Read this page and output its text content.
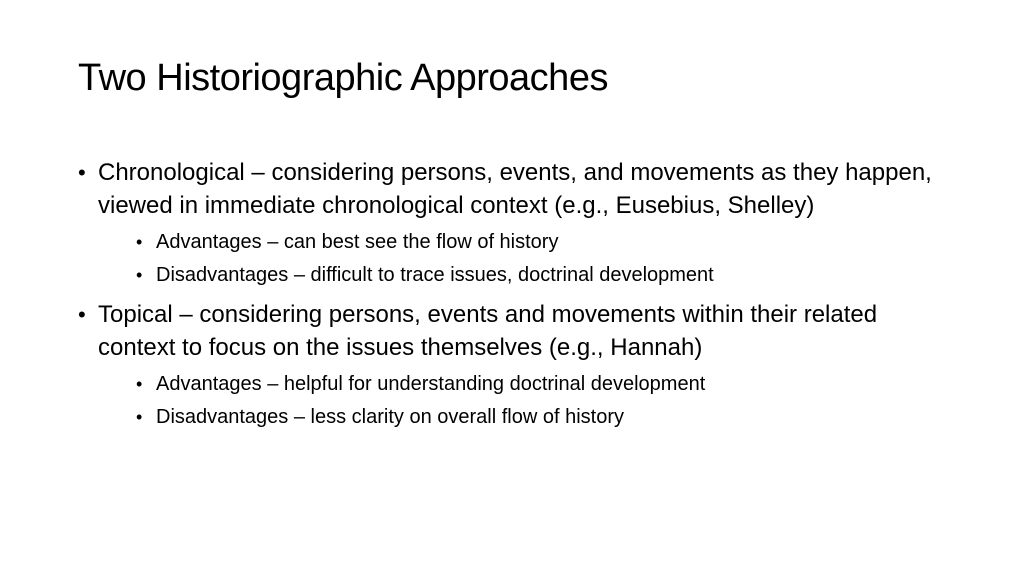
Two Historiographic Approaches
• Chronological – considering persons, events, and movements as they happen, viewed in immediate chronological context (e.g., Eusebius, Shelley)
• Advantages – can best see the flow of history
• Disadvantages – difficult to trace issues, doctrinal development
• Topical – considering persons, events and movements within their related context to focus on the issues themselves (e.g., Hannah)
• Advantages – helpful for understanding doctrinal development
• Disadvantages – less clarity on overall flow of history
